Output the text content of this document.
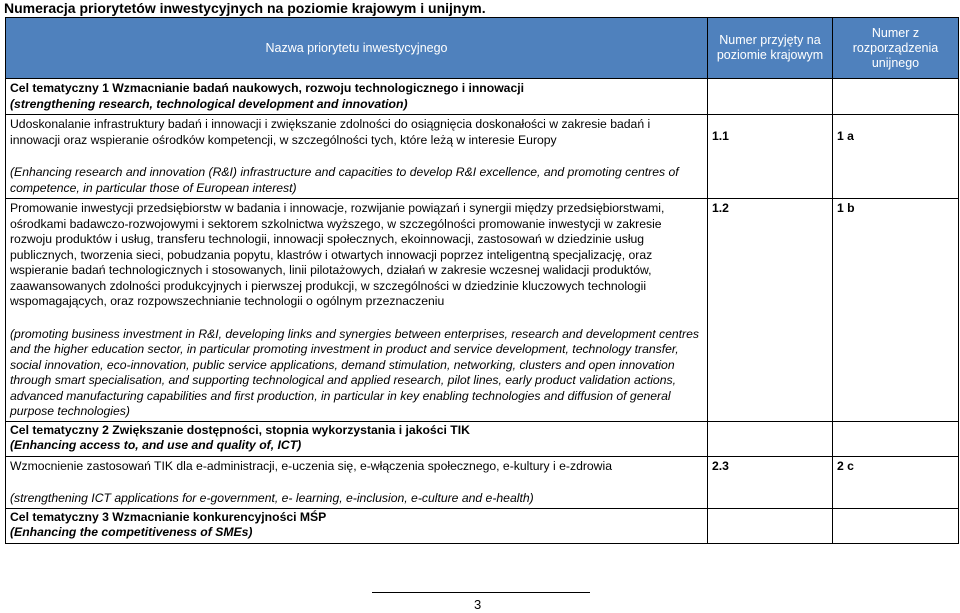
Numeracja priorytetów inwestycyjnych na poziomie krajowym i unijnym.
Nazwa priorytetu inwestycyjnego	Numer przyjęty na poziomie krajowym	Numer z rozporządzenia unijnego

Cel tematyczny 1 Wzmacnianie badań naukowych, rozwoju technologicznego i innowacji
(strengthening research, technological development and innovation)		

Udoskonalanie infrastruktury badań i innowacji i zwiększanie zdolności do osiągnięcia doskonałości w zakresie badań i innowacji oraz wspieranie ośrodków kompetencji, w szczególności tych, które leżą w interesie Europy
(Enhancing research and innovation (R&I) infrastructure and capacities to develop R&I excellence, and promoting centres of competence, in particular those of European interest)	1.1	1 a

Promowanie inwestycji przedsiębiorstw w badania i innowacje, rozwijanie powiązań i synergii między przedsiębiorstwami, ośrodkami badawczo-rozwojowymi i sektorem szkolnictwa wyższego, w szczególności promowanie inwestycji w zakresie rozwoju produktów i usług, transferu technologii, innowacji społecznych, ekoinnowacji, zastosowań w dziedzinie usług publicznych, tworzenia sieci, pobudzania popytu, klastrów i otwartych innowacji poprzez inteligentną specjalizację, oraz wspieranie badań technologicznych i stosowanych, linii pilotażowych, działań w zakresie wczesnej walidacji produktów, zaawansowanych zdolności produkcyjnych i pierwszej produkcji, w szczególności w dziedzinie kluczowych technologii wspomagających, oraz rozpowszechnianie technologii o ogólnym przeznaczeniu
(promoting business investment in R&I, developing links and synergies between enterprises, research and development centres and the higher education sector, in particular promoting investment in product and service development, technology transfer, social innovation, eco-innovation, public service applications, demand stimulation, networking, clusters and open innovation through smart specialisation, and supporting technological and applied research, pilot lines, early product validation actions, advanced manufacturing capabilities and first production, in particular in key enabling technologies and diffusion of general purpose technologies)	1.2	1 b

Cel tematyczny 2 Zwiększanie dostępności, stopnia wykorzystania i jakości TIK
(Enhancing access to, and use and quality of, ICT)		

Wzmocnienie zastosowań TIK dla e-administracji, e-uczenia się, e-włączenia społecznego, e-kultury i e-zdrowia
(strengthening ICT applications for e-government, e- learning, e-inclusion, e-culture and e-health)	2.3	2 c

Cel tematyczny 3 Wzmacnianie konkurencyjności MŚP
(Enhancing the competitiveness of SMEs)		

3
